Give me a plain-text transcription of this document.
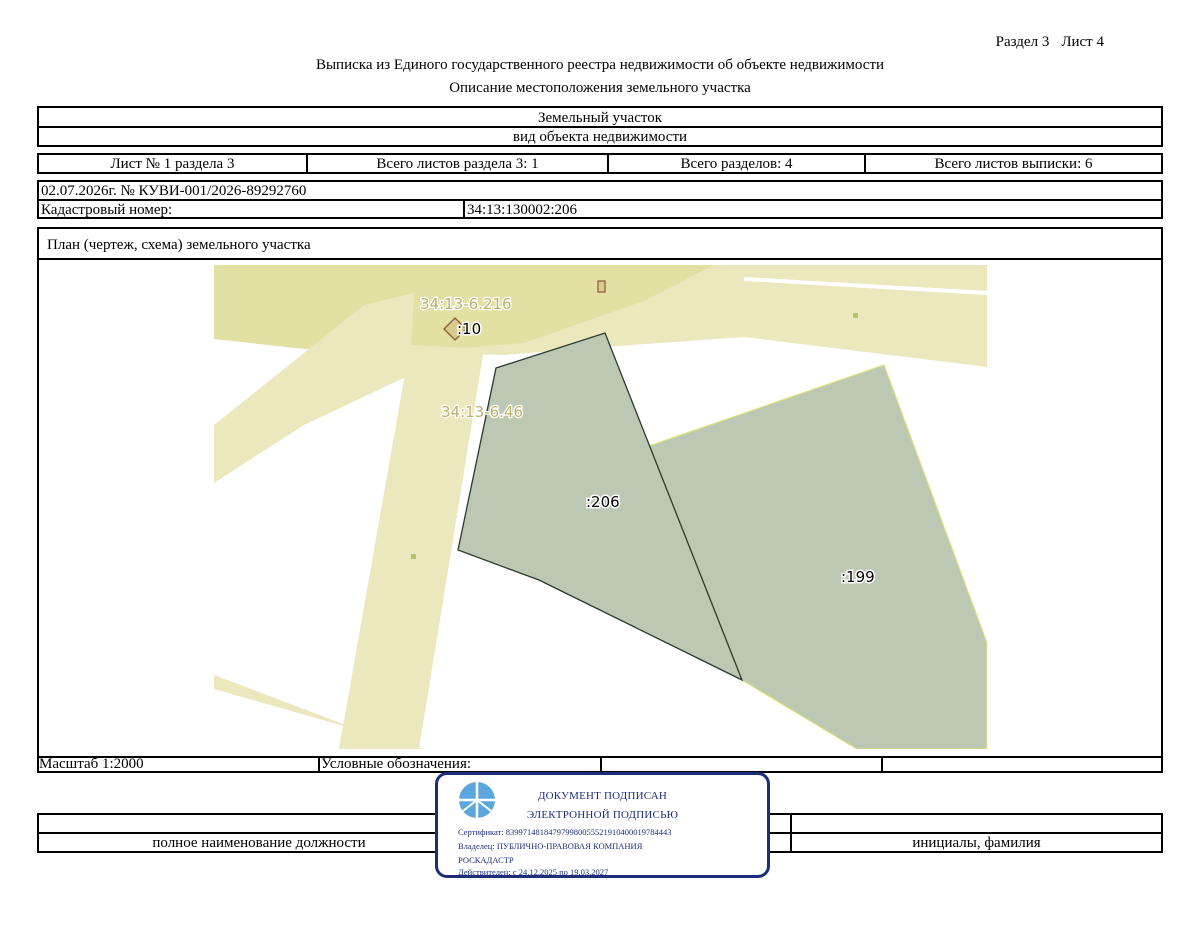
Раздел 3 Лист 4
Выписка из Единого государственного реестра недвижимости об объекте недвижимости
Описание местоположения земельного участка
Земельный участок
вид объекта недвижимости
Лист № 1 раздела 3	Всего листов раздела 3: 1	Всего разделов: 4	Всего листов выписки: 6
02.07.2026г. № КУВИ-001/2026-89292760
Кадастровый номер:	34:13:130002:206
План (чертеж, схема) земельного участка
Масштаб 1:2000	Условные обозначения:
34:13-6.216
34:13-6.46
:10
:206
:199
полное наименование должности	инициалы, фамилия
ДОКУМЕНТ ПОДПИСАН
ЭЛЕКТРОННОЙ ПОДПИСЬЮ
Сертификат: 839971481847979980055521910400019784443
Владелец: ПУБЛИЧНО-ПРАВОВАЯ КОМПАНИЯ
РОСКАДАСТР
Действителен: с 24.12.2025 по 19.03.2027
